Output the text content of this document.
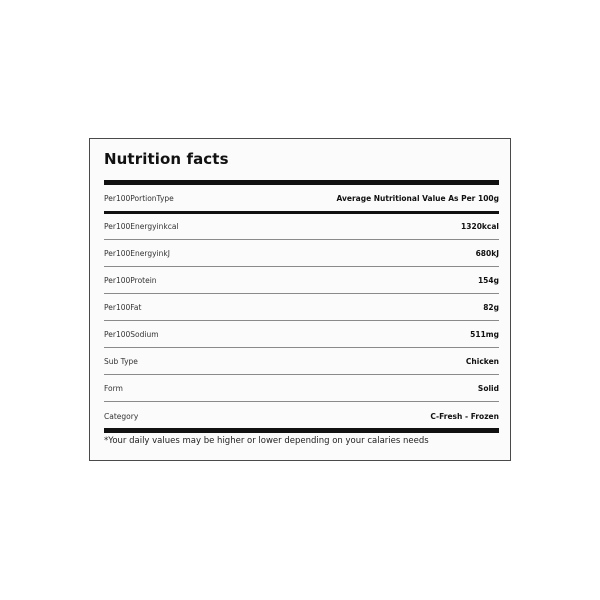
Nutrition facts
Per100PortionType	Average Nutritional Value As Per 100g
Per100Energyinkcal	1320kcal
Per100EnergyinkJ	680kJ
Per100Protein	154g
Per100Fat	82g
Per100Sodium	511mg
Sub Type	Chicken
Form	Solid
Category	C-Fresh - Frozen
*Your daily values may be higher or lower depending on your calaries needs
